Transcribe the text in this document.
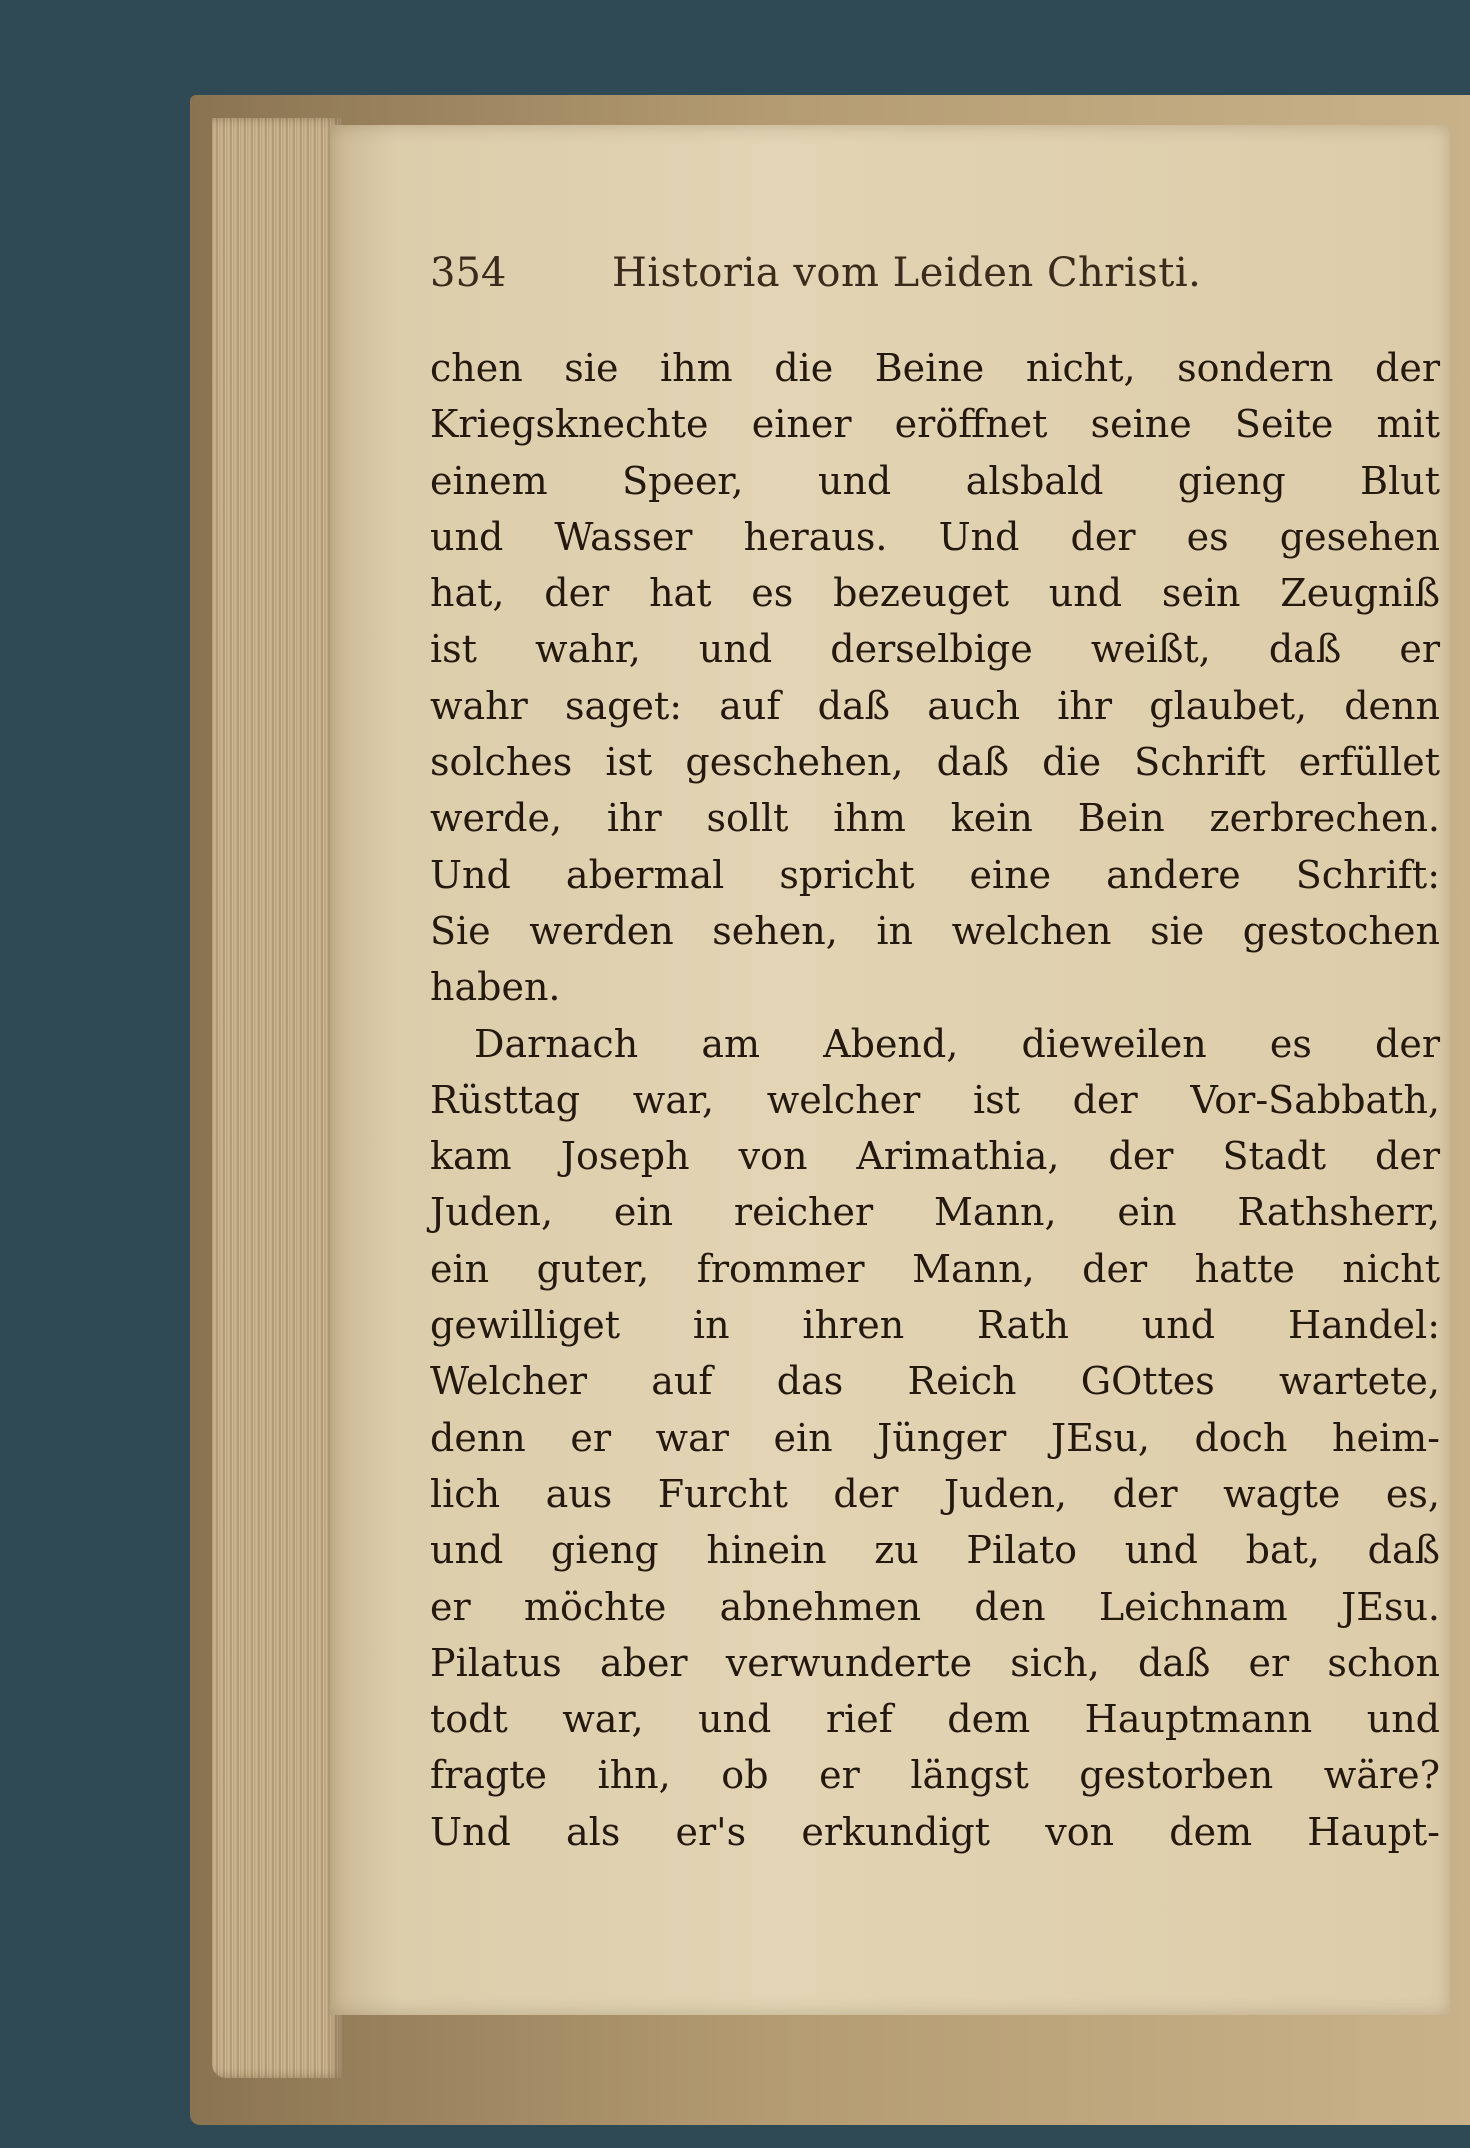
354	Historia vom Leiden Christi.
chen sie ihm die Beine nicht, sondern der
Kriegsknechte einer eröffnet seine Seite mit
einem Speer, und alsbald gieng Blut
und Wasser heraus. Und der es gesehen
hat, der hat es bezeuget und sein Zeugniß
ist wahr, und derselbige weißt, daß er
wahr saget: auf daß auch ihr glaubet, denn
solches ist geschehen, daß die Schrift erfüllet
werde, ihr sollt ihm kein Bein zerbrechen.
Und abermal spricht eine andere Schrift:
Sie werden sehen, in welchen sie gestochen
haben.
Darnach am Abend, dieweilen es der
Rüsttag war, welcher ist der Vor-Sabbath,
kam Joseph von Arimathia, der Stadt der
Juden, ein reicher Mann, ein Rathsherr,
ein guter, frommer Mann, der hatte nicht
gewilliget in ihren Rath und Handel:
Welcher auf das Reich GOttes wartete,
denn er war ein Jünger JEsu, doch heim-
lich aus Furcht der Juden, der wagte es,
und gieng hinein zu Pilato und bat, daß
er möchte abnehmen den Leichnam JEsu.
Pilatus aber verwunderte sich, daß er schon
todt war, und rief dem Hauptmann und
fragte ihn, ob er längst gestorben wäre?
Und als er's erkundigt von dem Haupt-
